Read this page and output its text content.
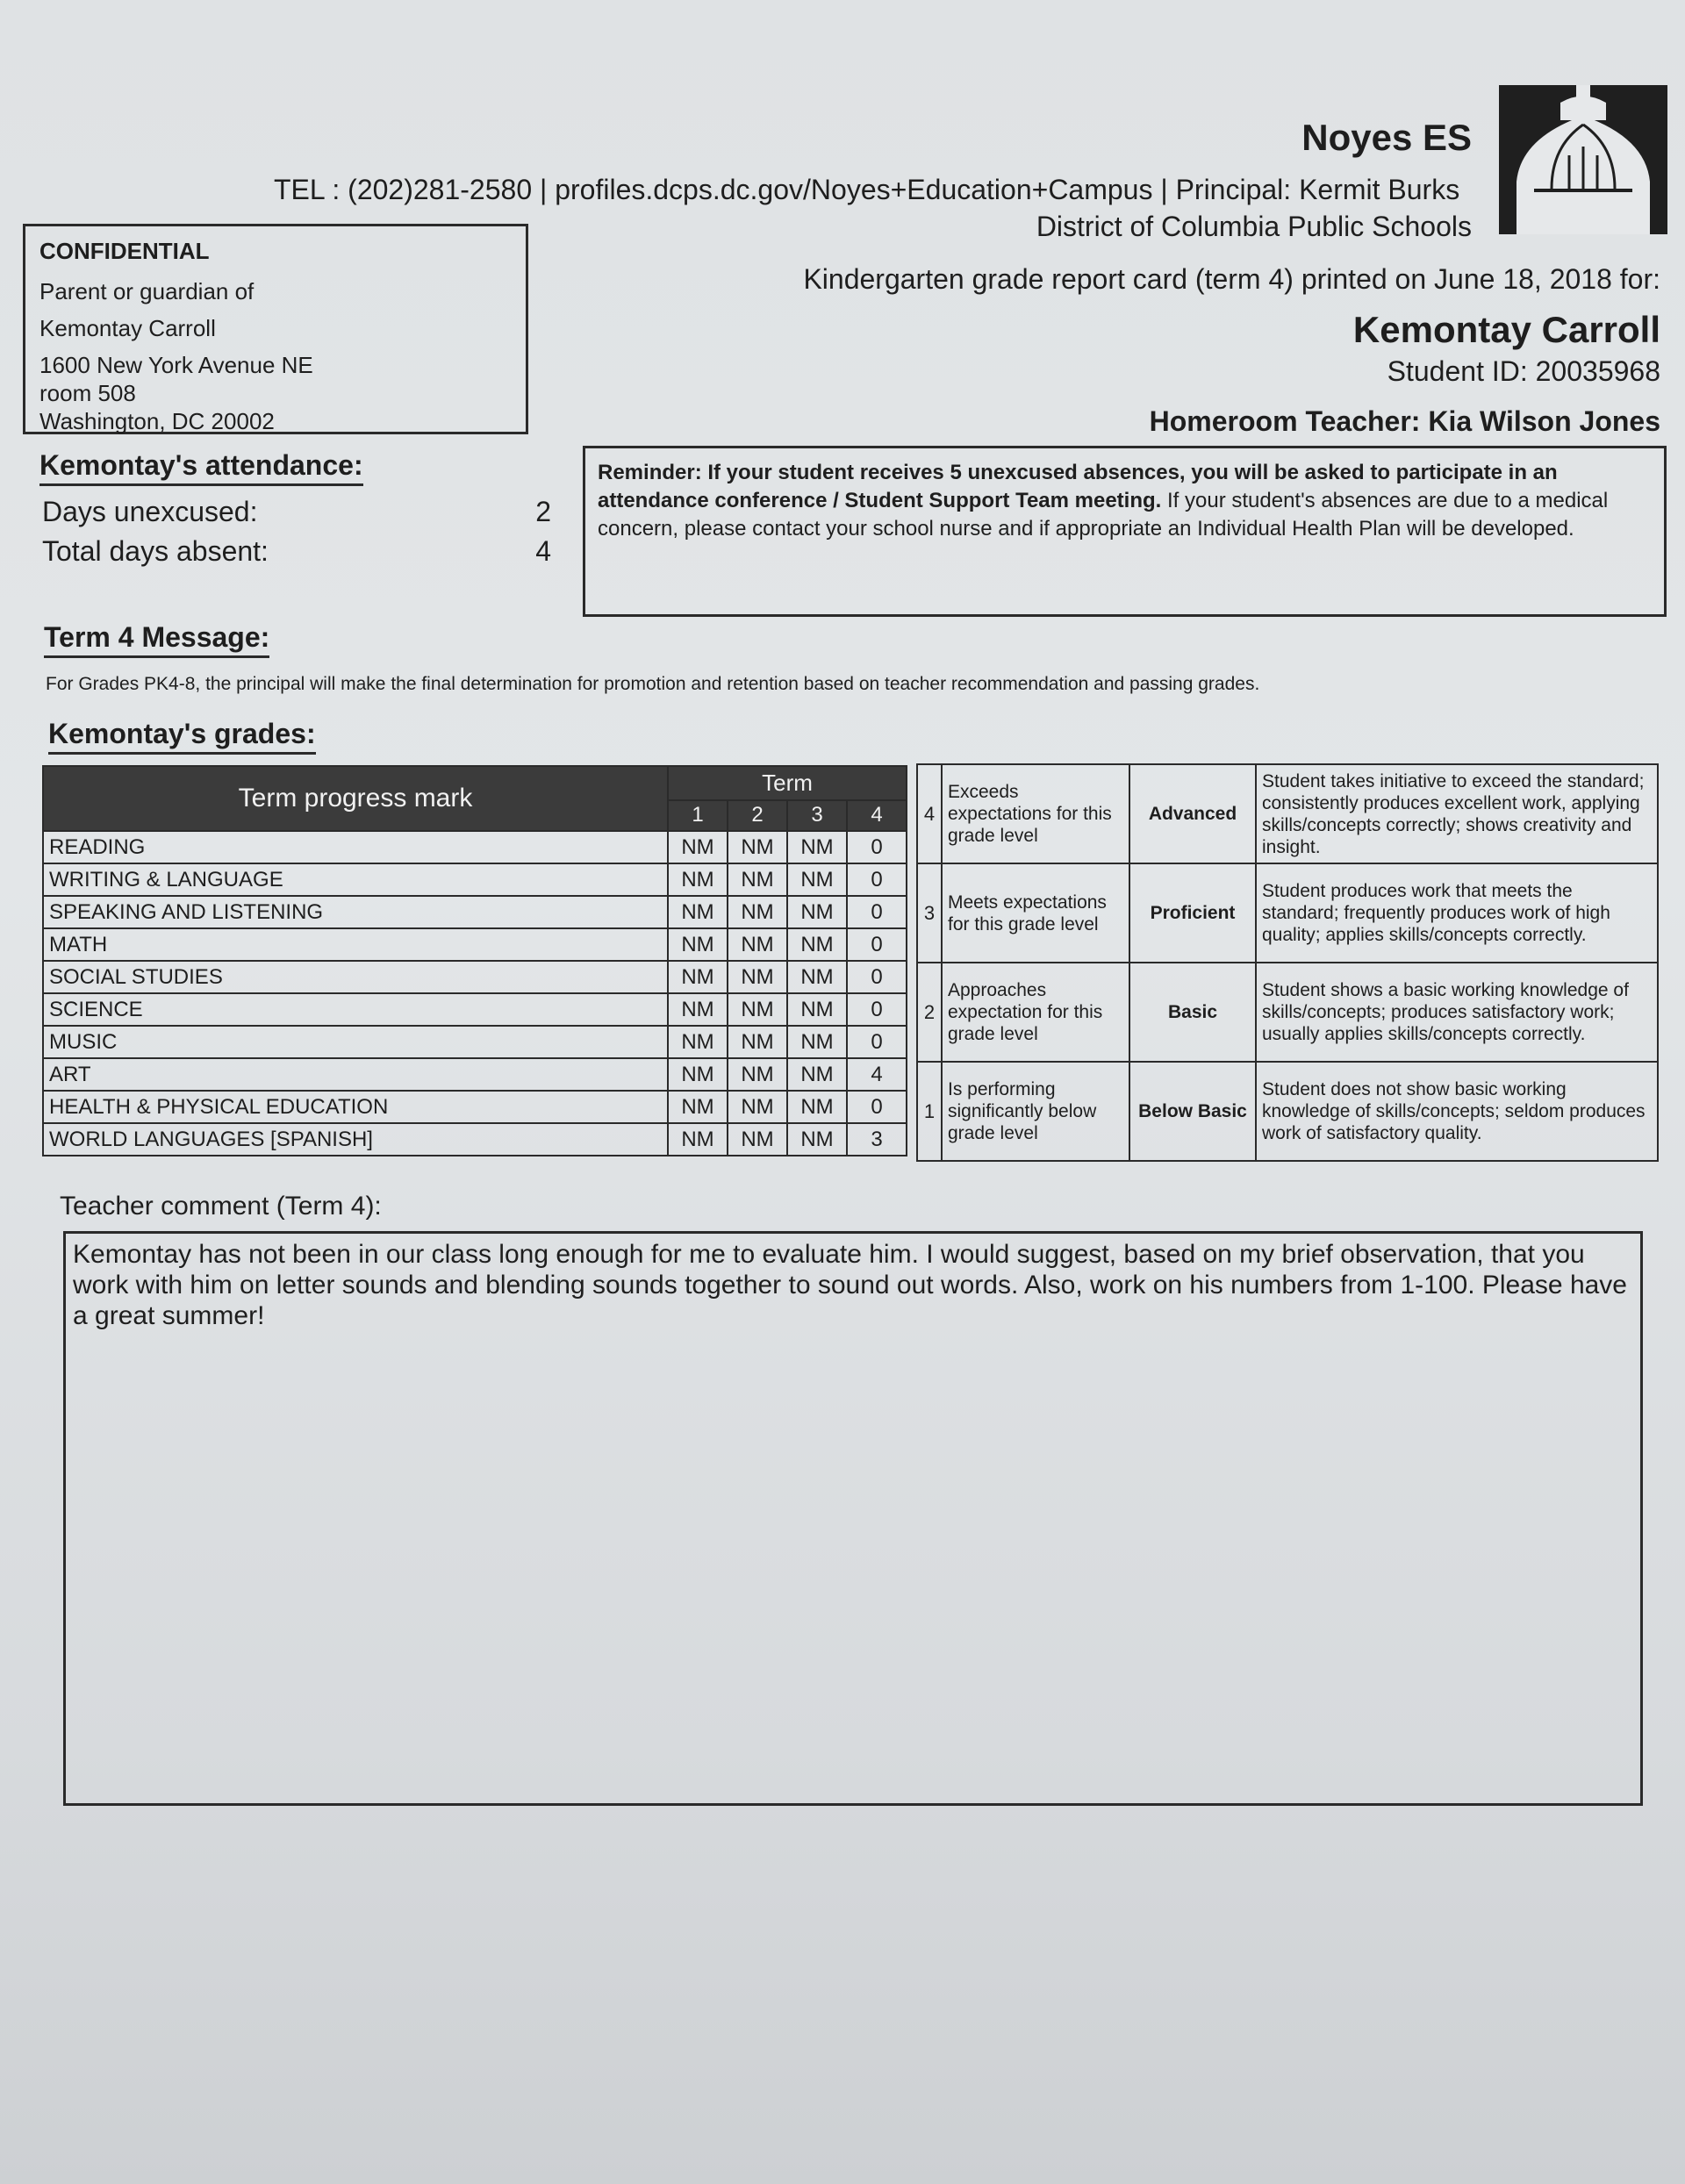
Noyes ES
TEL : (202)281-2580 | profiles.dcps.dc.gov/Noyes+Education+Campus | Principal: Kermit Burks
District of Columbia Public Schools
CONFIDENTIAL
Parent or guardian of
Kemontay Carroll
1600 New York Avenue NE
room 508
Washington, DC 20002
Kindergarten grade report card (term 4) printed on June 18, 2018 for:
Kemontay Carroll
Student ID: 20035968
Homeroom Teacher: Kia Wilson Jones
Kemontay's attendance:
Days unexcused:	2
Total days absent:	4
Reminder: If your student receives 5 unexcused absences, you will be asked to participate in an attendance conference / Student Support Team meeting. If your student's absences are due to a medical concern, please contact your school nurse and if appropriate an Individual Health Plan will be developed.
Term 4 Message:
For Grades PK4-8, the principal will make the final determination for promotion and retention based on teacher recommendation and passing grades.
Kemontay's grades:
Term progress mark	Term			
	1	2	3	4
READING	NM	NM	NM	0
WRITING & LANGUAGE	NM	NM	NM	0
SPEAKING AND LISTENING	NM	NM	NM	0
MATH	NM	NM	NM	0
SOCIAL STUDIES	NM	NM	NM	0
SCIENCE	NM	NM	NM	0
MUSIC	NM	NM	NM	0
ART	NM	NM	NM	4
HEALTH & PHYSICAL EDUCATION	NM	NM	NM	0
WORLD LANGUAGES [SPANISH]	NM	NM	NM	3
4	Exceeds expectations for this grade level	Advanced	Student takes initiative to exceed the standard; consistently produces excellent work, applying skills/concepts correctly; shows creativity and insight.
3	Meets expectations for this grade level	Proficient	Student produces work that meets the standard; frequently produces work of high quality; applies skills/concepts correctly.
2	Approaches expectation for this grade level	Basic	Student shows a basic working knowledge of skills/concepts; produces satisfactory work; usually applies skills/concepts correctly.
1	Is performing significantly below grade level	Below Basic	Student does not show basic working knowledge of skills/concepts; seldom produces work of satisfactory quality.
Teacher comment (Term 4):
Kemontay has not been in our class long enough for me to evaluate him. I would suggest, based on my brief observation, that you work with him on letter sounds and blending sounds together to sound out words. Also, work on his numbers from 1-100. Please have a great summer!
